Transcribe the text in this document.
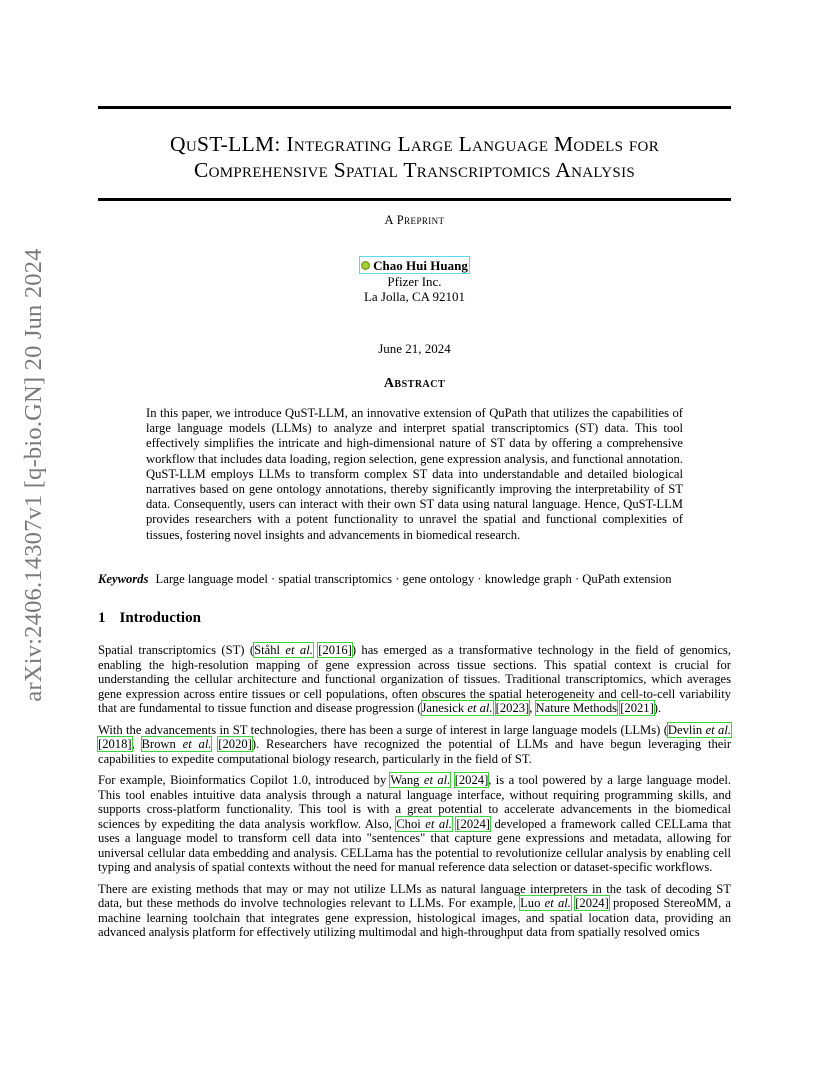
arXiv:2406.14307v1 [q-bio.GN] 20 Jun 2024
QuST-LLM: Integrating Large Language Models for
Comprehensive Spatial Transcriptomics Analysis
A Preprint
Chao Hui Huang
Pfizer Inc.
La Jolla, CA 92101
June 21, 2024
Abstract
In this paper, we introduce QuST-LLM, an innovative extension of QuPath that utilizes the capabilities of large language models (LLMs) to analyze and interpret spatial transcriptomics (ST) data. This tool effectively simplifies the intricate and high-dimensional nature of ST data by offering a comprehensive workflow that includes data loading, region selection, gene expression analysis, and functional annotation. QuST-LLM employs LLMs to transform complex ST data into understandable and detailed biological narratives based on gene ontology annotations, thereby significantly improving the interpretability of ST data. Consequently, users can interact with their own ST data using natural language. Hence, QuST-LLM provides researchers with a potent functionality to unravel the spatial and functional complexities of tissues, fostering novel insights and advancements in biomedical research.
Keywords Large language model · spatial transcriptomics · gene ontology · knowledge graph · QuPath extension
1 Introduction

Spatial transcriptomics (ST) (Ståhl et al. [2016]) has emerged as a transformative technology in the field of genomics, enabling the high-resolution mapping of gene expression across tissue sections. This spatial context is crucial for understanding the cellular architecture and functional organization of tissues. Traditional transcriptomics, which averages gene expression across entire tissues or cell populations, often obscures the spatial heterogeneity and cell-to-cell variability that are fundamental to tissue function and disease progression (Janesick et al. [2023], Nature Methods [2021]).

With the advancements in ST technologies, there has been a surge of interest in large language models (LLMs) (Devlin et al. [2018], Brown et al. [2020]). Researchers have recognized the potential of LLMs and have begun leveraging their capabilities to expedite computational biology research, particularly in the field of ST.

For example, Bioinformatics Copilot 1.0, introduced by Wang et al. [2024], is a tool powered by a large language model. This tool enables intuitive data analysis through a natural language interface, without requiring programming skills, and supports cross-platform functionality. This tool is with a great potential to accelerate advancements in the biomedical sciences by expediting the data analysis workflow. Also, Choi et al. [2024] developed a framework called CELLama that uses a language model to transform cell data into "sentences" that capture gene expressions and metadata, allowing for universal cellular data embedding and analysis. CELLama has the potential to revolutionize cellular analysis by enabling cell typing and analysis of spatial contexts without the need for manual reference data selection or dataset-specific workflows.

There are existing methods that may or may not utilize LLMs as natural language interpreters in the task of decoding ST data, but these methods do involve technologies relevant to LLMs. For example, Luo et al. [2024] proposed StereoMM, a machine learning toolchain that integrates gene expression, histological images, and spatial location data, providing an advanced analysis platform for effectively utilizing multimodal and high-throughput data from spatially resolved omics
